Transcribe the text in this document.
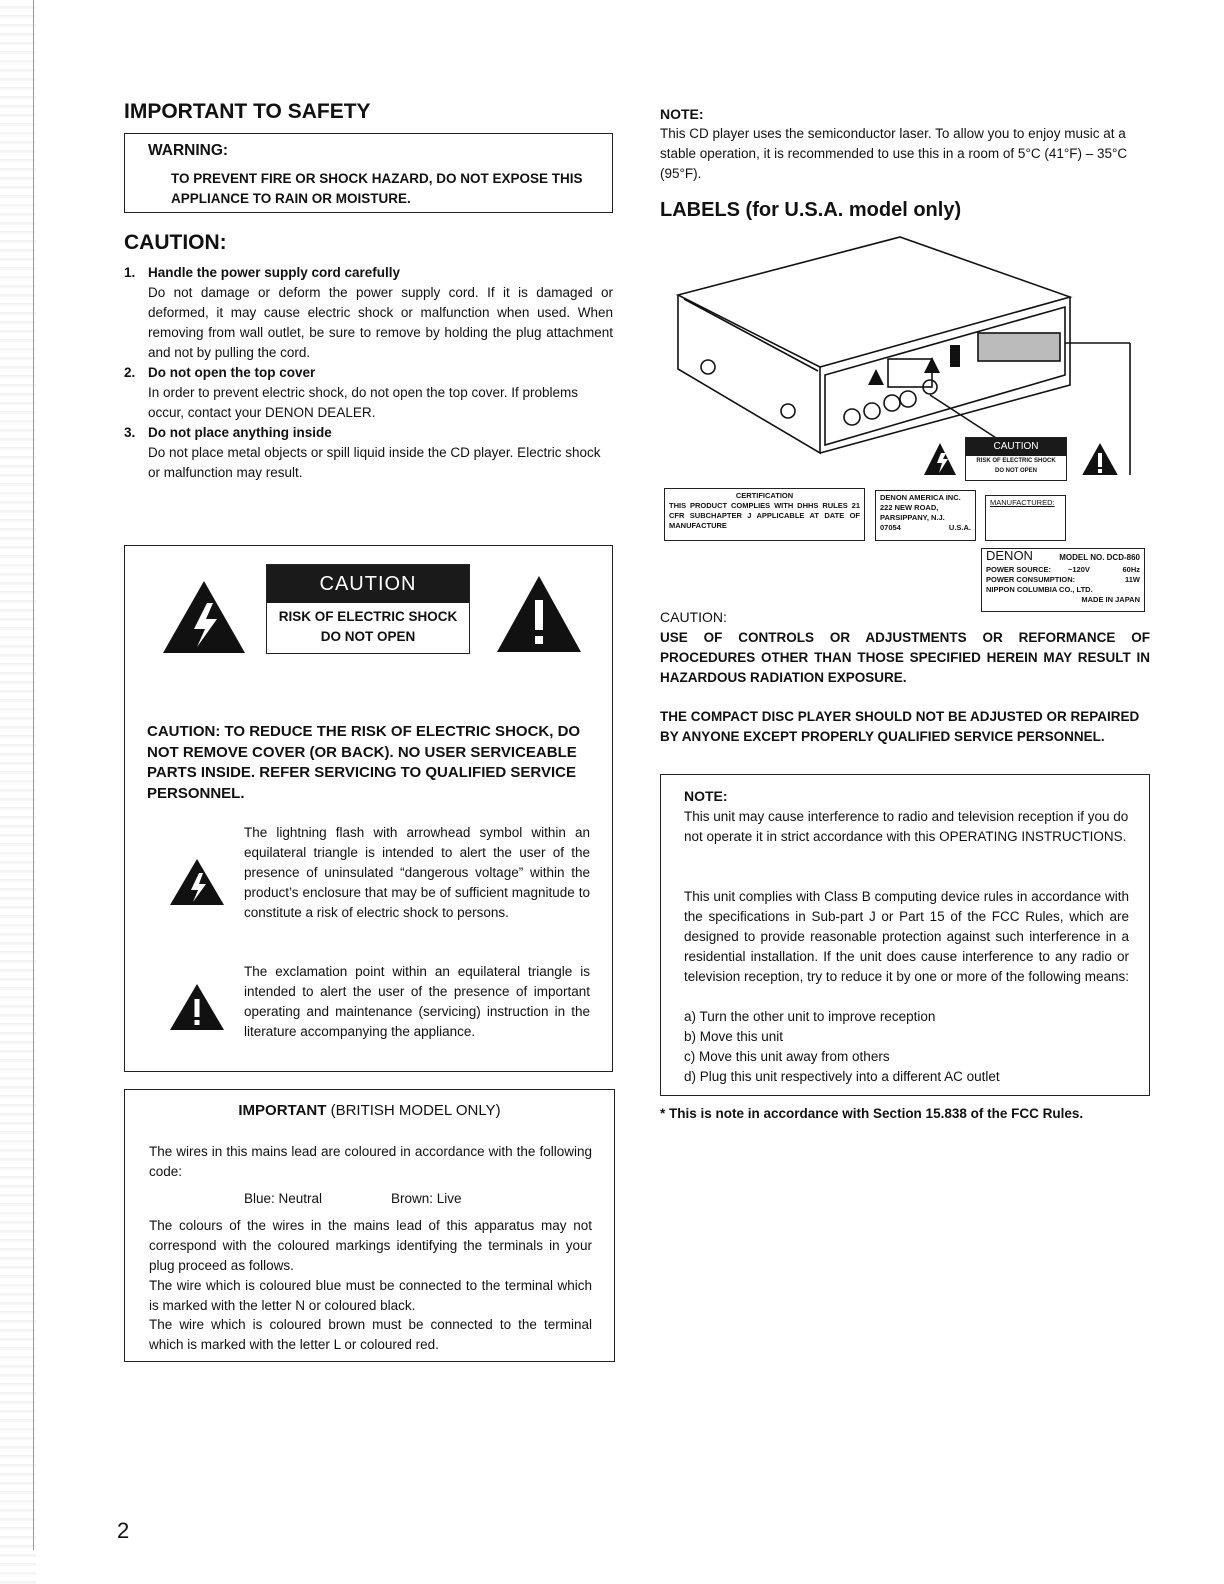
IMPORTANT TO SAFETY
WARNING:
TO PREVENT FIRE OR SHOCK HAZARD, DO NOT EXPOSE THIS APPLIANCE TO RAIN OR MOISTURE.
CAUTION:
1. Handle the power supply cord carefully
Do not damage or deform the power supply cord. If it is damaged or deformed, it may cause electric shock or malfunction when used. When removing from wall outlet, be sure to remove by holding the plug attachment and not by pulling the cord.
2. Do not open the top cover
In order to prevent electric shock, do not open the top cover. If problems occur, contact your DENON DEALER.
3. Do not place anything inside
Do not place metal objects or spill liquid inside the CD player. Electric shock or malfunction may result.
CAUTION
RISK OF ELECTRIC SHOCK
DO NOT OPEN
CAUTION: TO REDUCE THE RISK OF ELECTRIC SHOCK, DO NOT REMOVE COVER (OR BACK). NO USER SERVICEABLE PARTS INSIDE. REFER SERVICING TO QUALIFIED SERVICE PERSONNEL.
The lightning flash with arrowhead symbol within an equilateral triangle is intended to alert the user of the presence of uninsulated “dangerous voltage” within the product’s enclosure that may be of sufficient magnitude to constitute a risk of electric shock to persons.
The exclamation point within an equilateral triangle is intended to alert the user of the presence of important operating and maintenance (servicing) instruction in the literature accompanying the appliance.
IMPORTANT (BRITISH MODEL ONLY)
The wires in this mains lead are coloured in accordance with the following code:
Blue: Neutral	Brown: Live
The colours of the wires in the mains lead of this apparatus may not correspond with the coloured markings identifying the terminals in your plug proceed as follows.
The wire which is coloured blue must be connected to the terminal which is marked with the letter N or coloured black.
The wire which is coloured brown must be connected to the terminal which is marked with the letter L or coloured red.
2
NOTE:
This CD player uses the semiconductor laser. To allow you to enjoy music at a stable operation, it is recommended to use this in a room of 5°C (41°F) – 35°C (95°F).
LABELS (for U.S.A. model only)
CAUTION
RISK OF ELECTRIC SHOCK
DO NOT OPEN
CERTIFICATION
THIS PRODUCT COMPLIES WITH DHHS RULES 21 CFR SUBCHAPTER J APPLICABLE AT DATE OF MANUFACTURE
DENON AMERICA INC.
222 NEW ROAD,
PARSIPPANY, N.J.
07054	U.S.A.
MANUFACTURED:
DENON	MODEL NO. DCD-860
POWER SOURCE: ~120V	60Hz
POWER CONSUMPTION:	11W
NIPPON COLUMBIA CO., LTD.
MADE IN JAPAN
CAUTION:
USE OF CONTROLS OR ADJUSTMENTS OR REFORMANCE OF PROCEDURES OTHER THAN THOSE SPECIFIED HEREIN MAY RESULT IN HAZARDOUS RADIATION EXPOSURE.
THE COMPACT DISC PLAYER SHOULD NOT BE ADJUSTED OR REPAIRED BY ANYONE EXCEPT PROPERLY QUALIFIED SERVICE PERSONNEL.
NOTE:
This unit may cause interference to radio and television reception if you do not operate it in strict accordance with this OPERATING INSTRUCTIONS.
This unit complies with Class B computing device rules in accordance with the specifications in Sub-part J or Part 15 of the FCC Rules, which are designed to provide reasonable protection against such interference in a residential installation. If the unit does cause interference to any radio or television reception, try to reduce it by one or more of the following means:
a) Turn the other unit to improve reception
b) Move this unit
c) Move this unit away from others
d) Plug this unit respectively into a different AC outlet
* This is note in accordance with Section 15.838 of the FCC Rules.
